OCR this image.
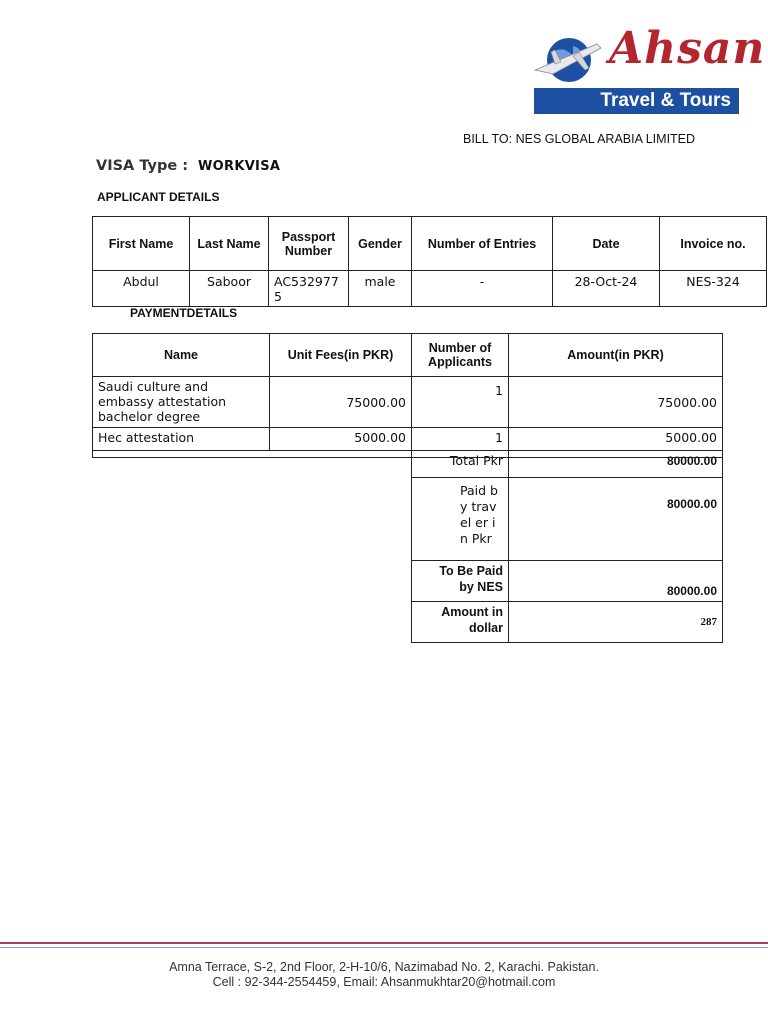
Ahsan
Travel & Tours
BILL TO: NES GLOBAL ARABIA LIMITED
VISA Type : WORKVISA
APPLICANT DETAILS
First Name	Last Name	Passport Number	Gender	Number of Entries	Date	Invoice no.
Abdul	Saboor	AC5329775	male	-	28-Oct-24	NES-324
PAYMENTDETAILS
Name	Unit Fees(in PKR)	Number of Applicants	Amount(in PKR)
Saudi culture and embassy attestation bachelor degree	75000.00	1	75000.00
Hec attestation	5000.00	1	5000.00

Total Pkr	80000.00

Paid by travel er in Pkr	80000.00

To Be Paid by NES	80000.00

Amount in dollar	287
Amna Terrace, S-2, 2nd Floor, 2-H-10/6, Nazimabad No. 2, Karachi. Pakistan.
Cell : 92-344-2554459, Email: Ahsanmukhtar20@hotmail.com
